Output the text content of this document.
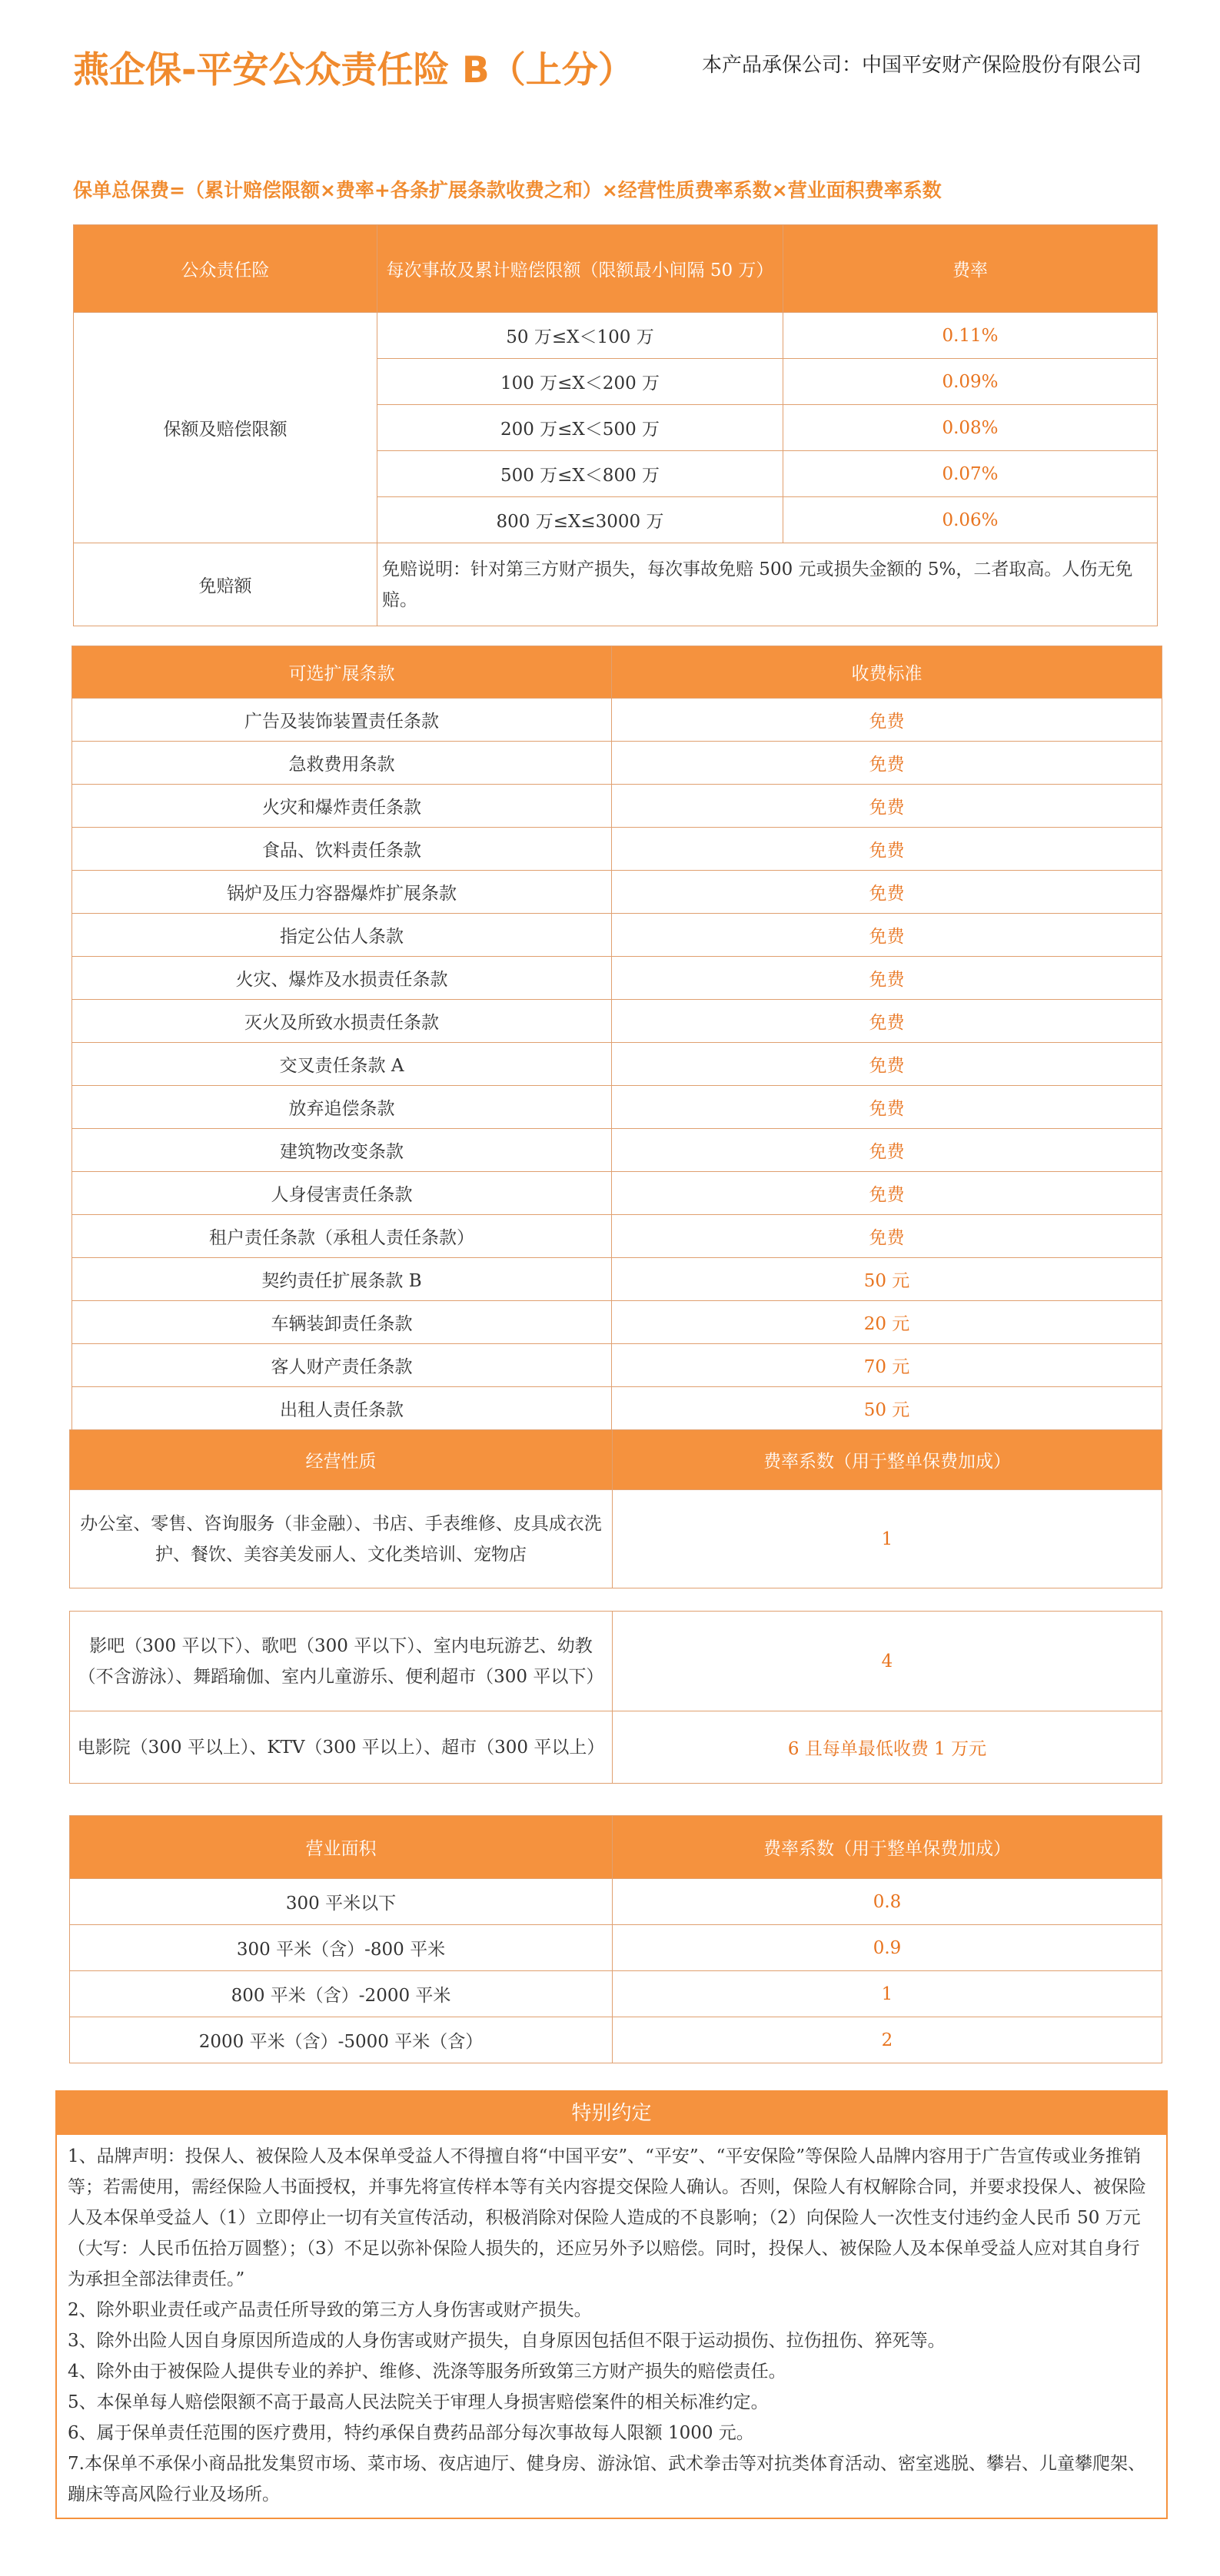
燕企保-平安公众责任险 B（上分）	本产品承保公司：中国平安财产保险股份有限公司
保单总保费=（累计赔偿限额×费率+各条扩展条款收费之和）×经营性质费率系数×营业面积费率系数
公众责任险	每次事故及累计赔偿限额（限额最小间隔 50 万）	费率
保额及赔偿限额	50 万≤X＜100 万	0.11%
	100 万≤X＜200 万	0.09%
	200 万≤X＜500 万	0.08%
	500 万≤X＜800 万	0.07%
	800 万≤X≤3000 万	0.06%
免赔额	免赔说明：针对第三方财产损失，每次事故免赔 500 元或损失金额的 5%，二者取高。人伤无免赔。	
可选扩展条款	收费标准
广告及装饰装置责任条款	免费
急救费用条款	免费
火灾和爆炸责任条款	免费
食品、饮料责任条款	免费
锅炉及压力容器爆炸扩展条款	免费
指定公估人条款	免费
火灾、爆炸及水损责任条款	免费
灭火及所致水损责任条款	免费
交叉责任条款 A	免费
放弃追偿条款	免费
建筑物改变条款	免费
人身侵害责任条款	免费
租户责任条款（承租人责任条款）	免费
契约责任扩展条款 B	50 元
车辆装卸责任条款	20 元
客人财产责任条款	70 元
出租人责任条款	50 元
经营性质	费率系数（用于整单保费加成）
办公室、零售、咨询服务（非金融）、书店、手表维修、皮具成衣洗护、餐饮、美容美发丽人、文化类培训、宠物店	1
影吧（300 平以下）、歌吧（300 平以下）、室内电玩游艺、幼教（不含游泳）、舞蹈瑜伽、室内儿童游乐、便利超市（300 平以下）	4
电影院（300 平以上）、KTV（300 平以上）、超市（300 平以上）	6 且每单最低收费 1 万元
营业面积	费率系数（用于整单保费加成）
300 平米以下	0.8
300 平米（含）-800 平米	0.9
800 平米（含）-2000 平米	1
2000 平米（含）-5000 平米（含）	2
特别约定

1、品牌声明：投保人、被保险人及本保单受益人不得擅自将“中国平安”、“平安”、“平安保险”等保险人品牌内容用于广告宣传或业务推销等；若需使用，需经保险人书面授权，并事先将宣传样本等有关内容提交保险人确认。否则，保险人有权解除合同，并要求投保人、被保险人及本保单受益人（1）立即停止一切有关宣传活动，积极消除对保险人造成的不良影响；（2）向保险人一次性支付违约金人民币 50 万元（大写：人民币伍拾万圆整）；（3）不足以弥补保险人损失的，还应另外予以赔偿。同时，投保人、被保险人及本保单受益人应对其自身行为承担全部法律责任。”

2、除外职业责任或产品责任所导致的第三方人身伤害或财产损失。

3、除外出险人因自身原因所造成的人身伤害或财产损失，自身原因包括但不限于运动损伤、拉伤扭伤、猝死等。

4、除外由于被保险人提供专业的养护、维修、洗涤等服务所致第三方财产损失的赔偿责任。

5、本保单每人赔偿限额不高于最高人民法院关于审理人身损害赔偿案件的相关标准约定。

6、属于保单责任范围的医疗费用，特约承保自费药品部分每次事故每人限额 1000 元。

7.本保单不承保小商品批发集贸市场、菜市场、夜店迪厅、健身房、游泳馆、武术拳击等对抗类体育活动、密室逃脱、攀岩、儿童攀爬架、蹦床等高风险行业及场所。
